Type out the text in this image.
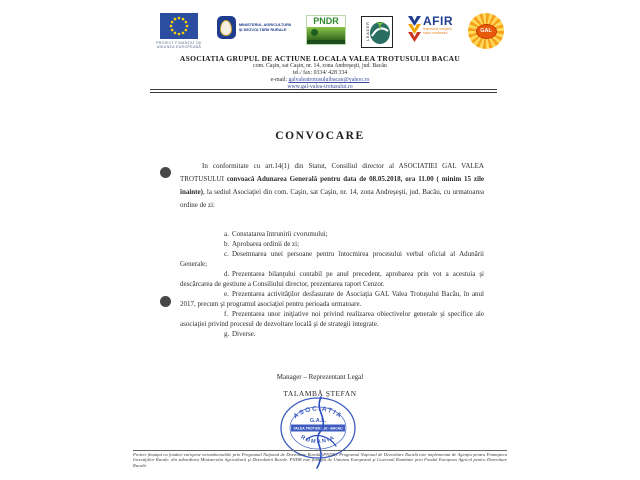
PROIECT FINANŢAT DE
UNIUNEA EUROPEANĂ
MINISTERUL AGRICULTURII
ŞI DEZVOLTĂRII RURALE
PNDR
LEADER
AFIR
împreună creştem
satul românesc	GAL
ASOCIATIA GRUPUL DE ACTIUNE LOCALA VALEA TROTUSULUI BACAU
com. Caşin, sat Caşin, nr. 14, zona Andreşeşti, jud. Bacău
tel./ fax: 0334/ 428 334
e-mail: galvaleatrotusuluibacau@yahoo.ro
www.gal-valea-trotusului.ro
CONVOCARE
In conformitate cu art.14(1) din Statut, Consiliul director al ASOCIATIEI GAL VALEA TROTUSULUI convoacă Adunarea Generală pentru data de 08.05.2018, ora 11.00 ( minim 15 zile înainte), la sediul Asociaţiei din com. Caşin, sat Caşin, nr. 14, zona Andreşeşti, jud. Bacău, cu urmatoarea ordine de zi:
a. Constatarea întrunirii cvorumului;
b. Aprobarea ordinii de zi;
c. Desemnarea unei persoane pentru întocmirea procesului verbal oficial al Adunării Generale;
d. Prezentarea bilanţului contabil pe anul precedent, aprobarea prin vot a acestuia şi descărcarea de gestiune a Consiliului director, prezentarea raport Cenzor.
e. Prezentarea activităţilor desfasurate de Asociaţia GAL Valea Trotuşului Bacău, în anul 2017, precum şi programul asociaţiei pentru perioada urmatoare.
f. Prezentarea unor iniţiative noi privind realizarea obiectivelor generale şi specifice ale asociaţiei privind procesul de dezvoltare locală şi de strategii integrate.
g. Diverse.
Manager – Reprezentant Legal
TALAMBĂ ŞTEFAN
ASOCIATIA
G.A.L.
VALEA TROTUSULUI - BACAU
ROMANIA
Proiect finanţat cu fonduri europene nerambursabile prin Programul Naţional de Dezvoltare Rurală (PNDR). Programul Naţional de Dezvoltare Rurală este implementat de Agenţia pentru Finanţarea Investiţiilor Rurale, din subordinea Ministerului Agriculturii şi Dezvoltării Rurale. PNDR este finanţat de Uniunea Europeană şi Guvernul României prin Fondul European Agricol pentru Dezvoltare Rurală.
